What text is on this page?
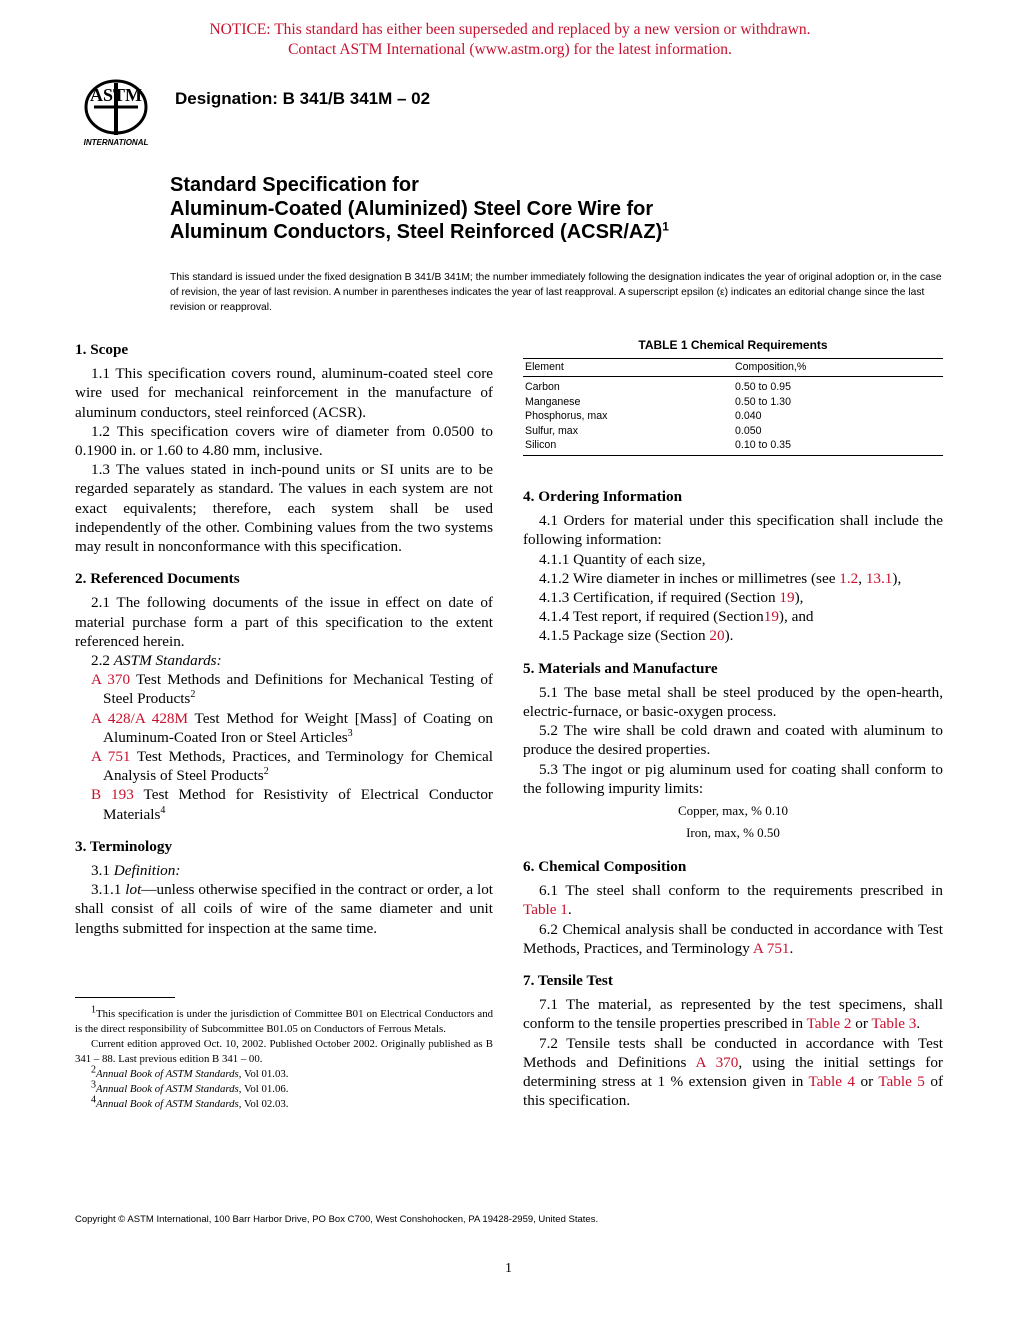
NOTICE: This standard has either been superseded and replaced by a new version or withdrawn.
Contact ASTM International (www.astm.org) for the latest information.
ASTM
INTERNATIONAL
Designation: B 341/B 341M – 02
Standard Specification for
Aluminum-Coated (Aluminized) Steel Core Wire for
Aluminum Conductors, Steel Reinforced (ACSR/AZ)$^1$
This standard is issued under the fixed designation B 341/B 341M; the number immediately following the designation indicates the year of original adoption or, in the case of revision, the year of last revision. A number in parentheses indicates the year of last reapproval. A superscript epsilon (ε) indicates an editorial change since the last revision or reapproval.
1. Scope

1.1 This specification covers round, aluminum-coated steel core wire used for mechanical reinforcement in the manufacture of aluminum conductors, steel reinforced (ACSR).

1.2 This specification covers wire of diameter from 0.0500 to 0.1900 in. or 1.60 to 4.80 mm, inclusive.

1.3 The values stated in inch-pound units or SI units are to be regarded separately as standard. The values in each system are not exact equivalents; therefore, each system shall be used independently of the other. Combining values from the two systems may result in nonconformance with this specification.

2. Referenced Documents

2.1 The following documents of the issue in effect on date of material purchase form a part of this specification to the extent referenced herein.

2.2 ASTM Standards:

A 370 Test Methods and Definitions for Mechanical Testing of Steel Products$^2$

A 428/A 428M Test Method for Weight [Mass] of Coating on Aluminum-Coated Iron or Steel Articles$^3$

A 751 Test Methods, Practices, and Terminology for Chemical Analysis of Steel Products$^2$

B 193 Test Method for Resistivity of Electrical Conductor Materials$^4$

3. Terminology

3.1 Definition:

3.1.1 lot—unless otherwise specified in the contract or order, a lot shall consist of all coils of wire of the same diameter and unit lengths submitted for inspection at the same time.

$^1$This specification is under the jurisdiction of Committee B01 on Electrical Conductors and is the direct responsibility of Subcommittee B01.05 on Conductors of Ferrous Metals.

Current edition approved Oct. 10, 2002. Published October 2002. Originally published as B 341 – 88. Last previous edition B 341 – 00.

$^2$Annual Book of ASTM Standards, Vol 01.03.

$^3$Annual Book of ASTM Standards, Vol 01.06.

$^4$Annual Book of ASTM Standards, Vol 02.03.

TABLE 1 Chemical Requirements
Element	Composition,%
Carbon	0.50 to 0.95
Manganese	0.50 to 1.30
Phosphorus, max	0.040
Sulfur, max	0.050
Silicon	0.10 to 0.35
4. Ordering Information

4.1 Orders for material under this specification shall include the following information:

4.1.1 Quantity of each size,

4.1.2 Wire diameter in inches or millimetres (see 1.2, 13.1),

4.1.3 Certification, if required (Section 19),

4.1.4 Test report, if required (Section19), and

4.1.5 Package size (Section 20).

5. Materials and Manufacture

5.1 The base metal shall be steel produced by the open-hearth, electric-furnace, or basic-oxygen process.

5.2 The wire shall be cold drawn and coated with aluminum to produce the desired properties.

5.3 The ingot or pig aluminum used for coating shall conform to the following impurity limits:

Copper, max, % 0.10

Iron, max, % 0.50

6. Chemical Composition

6.1 The steel shall conform to the requirements prescribed in Table 1.

6.2 Chemical analysis shall be conducted in accordance with Test Methods, Practices, and Terminology A 751.

7. Tensile Test

7.1 The material, as represented by the test specimens, shall conform to the tensile properties prescribed in Table 2 or Table 3.

7.2 Tensile tests shall be conducted in accordance with Test Methods and Definitions A 370, using the initial settings for determining stress at 1 % extension given in Table 4 or Table 5 of this specification.

Copyright © ASTM International, 100 Barr Harbor Drive, PO Box C700, West Conshohocken, PA 19428-2959, United States.
1
